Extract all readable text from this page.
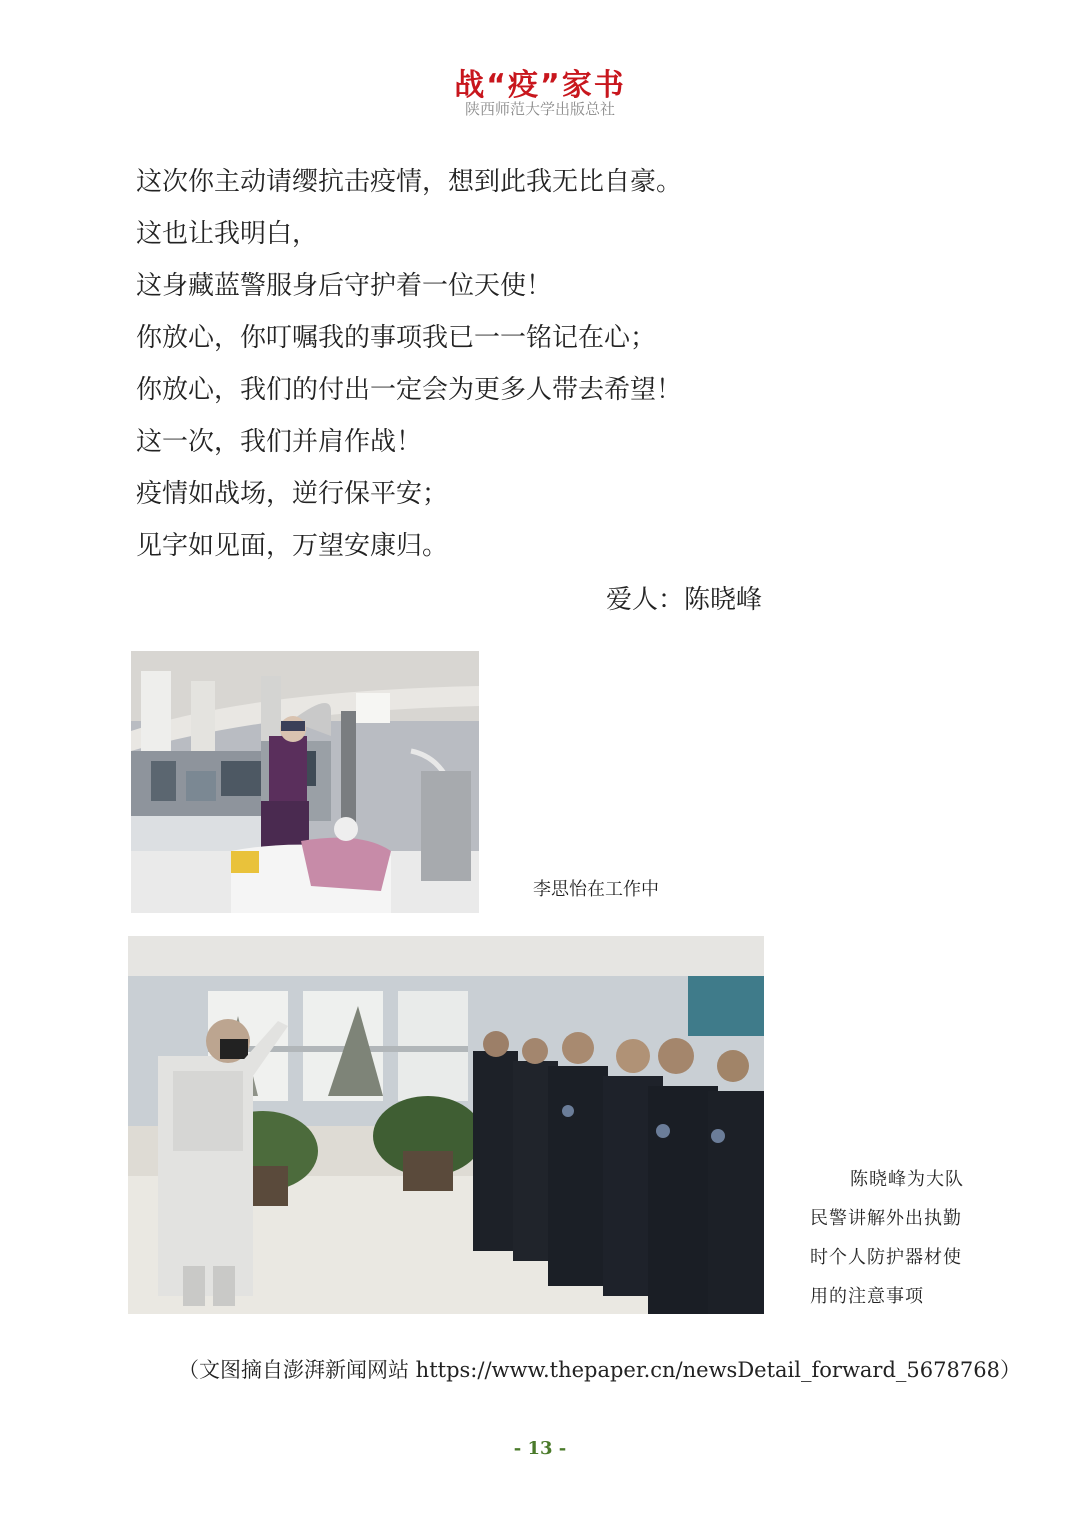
战“疫”家书
陕西师范大学出版总社
这次你主动请缨抗击疫情，想到此我无比自豪。
这也让我明白，
这身藏蓝警服身后守护着一位天使！
你放心，你叮嘱我的事项我已一一铭记在心；
你放心，我们的付出一定会为更多人带去希望！
这一次，我们并肩作战！
疫情如战场，逆行保平安；
见字如见面，万望安康归。
爱人：陈晓峰
李思怡在工作中
陈晓峰为大队
民警讲解外出执勤
时个人防护器材使
用的注意事项
（文图摘自澎湃新闻网站 https://www.thepaper.cn/newsDetail_forward_5678768）
- 13 -
